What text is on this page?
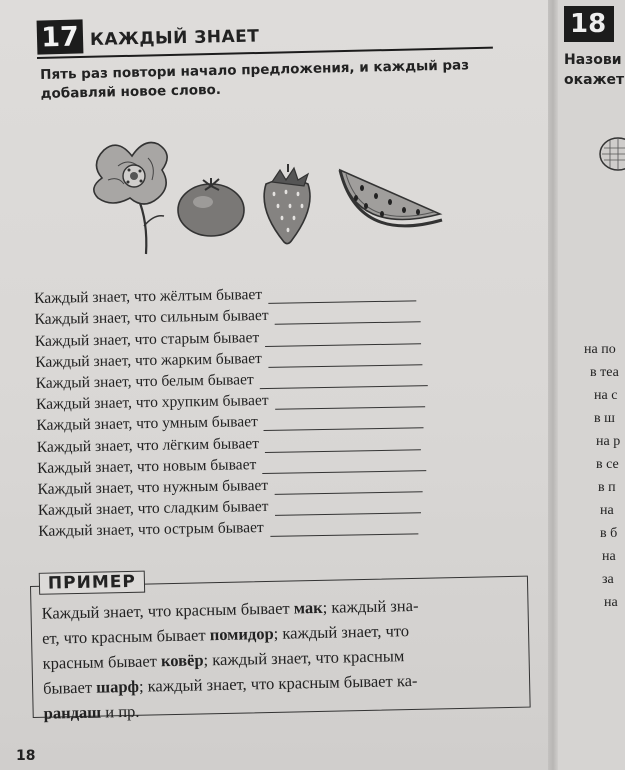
17 КАЖДЫЙ ЗНАЕТ
Пять раз повтори начало предложения, и каждый раз
добавляй новое слово.
Каждый знает, что жёлтым бывает
Каждый знает, что сильным бывает
Каждый знает, что старым бывает
Каждый знает, что жарким бывает
Каждый знает, что белым бывает
Каждый знает, что хрупким бывает
Каждый знает, что умным бывает
Каждый знает, что лёгким бывает
Каждый знает, что новым бывает
Каждый знает, что нужным бывает
Каждый знает, что сладким бывает
Каждый знает, что острым бывает
ПРИМЕР
Каждый знает, что красным бывает мак; каждый зна-
ет, что красным бывает помидор; каждый знает, что
красным бывает ковёр; каждый знает, что красным
бывает шарф; каждый знает, что красным бывает ка-
рандаш и пр.
18
18
Назови
окажет
на по
в теа
на с
в ш
на р
в се
в п
на
в б
на
за
на
